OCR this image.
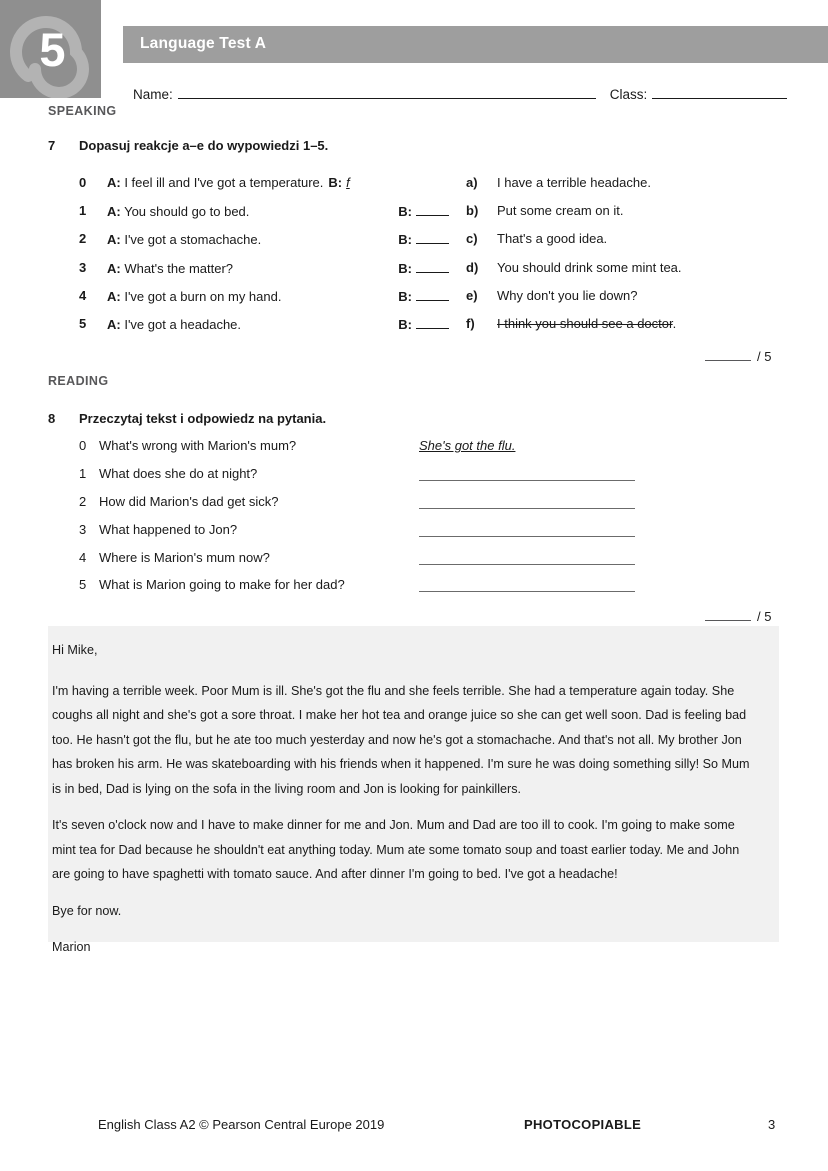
5	Language Test A
Name:	Class:
SPEAKING
7 Dopasuj reakcje a–e do wypowiedzi 1–5.
0	A: I feel ill and I've got a temperature. B: f
1	A: You should go to bed.	B:
2	A: I've got a stomachache.	B:
3	A: What's the matter?	B:
4	A: I've got a burn on my hand.	B:
5	A: I've got a headache.	B:
a)	I have a terrible headache.
b)	Put some cream on it.
c)	That's a good idea.
d)	You should drink some mint tea.
e)	Why don't you lie down?
f)	I think you should see a doctor.
/ 5
READING
8 Przeczytaj tekst i odpowiedz na pytania.
0 What's wrong with Marion's mum?	She's got the flu.
1 What does she do at night?
2 How did Marion's dad get sick?
3 What happened to Jon?
4 Where is Marion's mum now?
5 What is Marion going to make for her dad?
/ 5

Hi Mike,

I'm having a terrible week. Poor Mum is ill. She's got the flu and she feels terrible. She had a temperature again today. She coughs all night and she's got a sore throat. I make her hot tea and orange juice so she can get well soon. Dad is feeling bad too. He hasn't got the flu, but he ate too much yesterday and now he's got a stomachache. And that's not all. My brother Jon has broken his arm. He was skateboarding with his friends when it happened. I'm sure he was doing something silly! So Mum is in bed, Dad is lying on the sofa in the living room and Jon is looking for painkillers.

It's seven o'clock now and I have to make dinner for me and Jon. Mum and Dad are too ill to cook. I'm going to make some mint tea for Dad because he shouldn't eat anything today. Mum ate some tomato soup and toast earlier today. Me and John are going to have spaghetti with tomato sauce. And after dinner I'm going to bed. I've got a headache!

Bye for now.

Marion

English Class A2 © Pearson Central Europe 2019	PHOTOCOPIABLE	3
